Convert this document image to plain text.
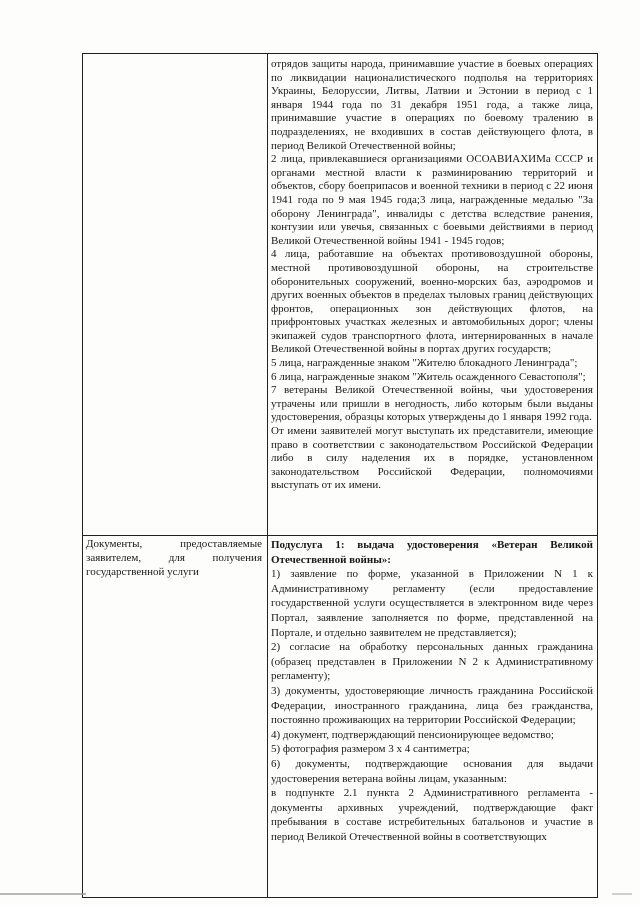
отрядов защиты народа, принимавшие участие в боевых операциях по ликвидации националистического подполья на территориях Украины, Белоруссии, Литвы, Латвии и Эстонии в период с 1 января 1944 года по 31 декабря 1951 года, а также лица, принимавшие участие в операциях по боевому тралению в подразделениях, не входивших в состав действующего флота, в период Великой Отечественной войны;

2 лица, привлекавшиеся организациями ОСОАВИАХИМа СССР и органами местной власти к разминированию территорий и объектов, сбору боеприпасов и военной техники в период с 22 июня 1941 года по 9 мая 1945 года;3 лица, награжденные медалью "За оборону Ленинграда", инвалиды с детства вследствие ранения, контузии или увечья, связанных с боевыми действиями в период Великой Отечественной войны 1941 - 1945 годов;

4 лица, работавшие на объектах противовоздушной обороны, местной противовоздушной обороны, на строительстве оборонительных сооружений, военно-морских баз, аэродромов и других военных объектов в пределах тыловых границ действующих фронтов, операционных зон действующих флотов, на прифронтовых участках железных и автомобильных дорог; члены экипажей судов транспортного флота, интернированных в начале Великой Отечественной войны в портах других государств;

5 лица, награжденные знаком "Жителю блокадного Ленинграда";

6 лица, награжденные знаком "Житель осажденного Севастополя";

7 ветераны Великой Отечественной войны, чьи удостоверения утрачены или пришли в негодность, либо которым были выданы удостоверения, образцы которых утверждены до 1 января 1992 года.

От имени заявителей могут выступать их представители, имеющие право в соответствии с законодательством Российской Федерации либо в силу наделения их в порядке, установленном законодательством Российской Федерации, полномочиями выступать от их имени.

Документы, предоставляемые заявителем, для получения государственной услуги

Подуслуга 1: выдача удостоверения «Ветеран Великой Отечественной войны»:

1) заявление по форме, указанной в Приложении N 1 к Административному регламенту (если предоставление государственной услуги осуществляется в электронном виде через Портал, заявление заполняется по форме, представленной на Портале, и отдельно заявителем не представляется);

2) согласие на обработку персональных данных гражданина (образец представлен в Приложении N 2 к Административному регламенту);

3) документы, удостоверяющие личность гражданина Российской Федерации, иностранного гражданина, лица без гражданства, постоянно проживающих на территории Российской Федерации;

4) документ, подтверждающий пенсионирующее ведомство;

5) фотография размером 3 х 4 сантиметра;

6) документы, подтверждающие основания для выдачи удостоверения ветерана войны лицам, указанным:

в подпункте 2.1 пункта 2 Административного регламента - документы архивных учреждений, подтверждающие факт пребывания в составе истребительных батальонов и участие в период Великой Отечественной войны в соответствующих
